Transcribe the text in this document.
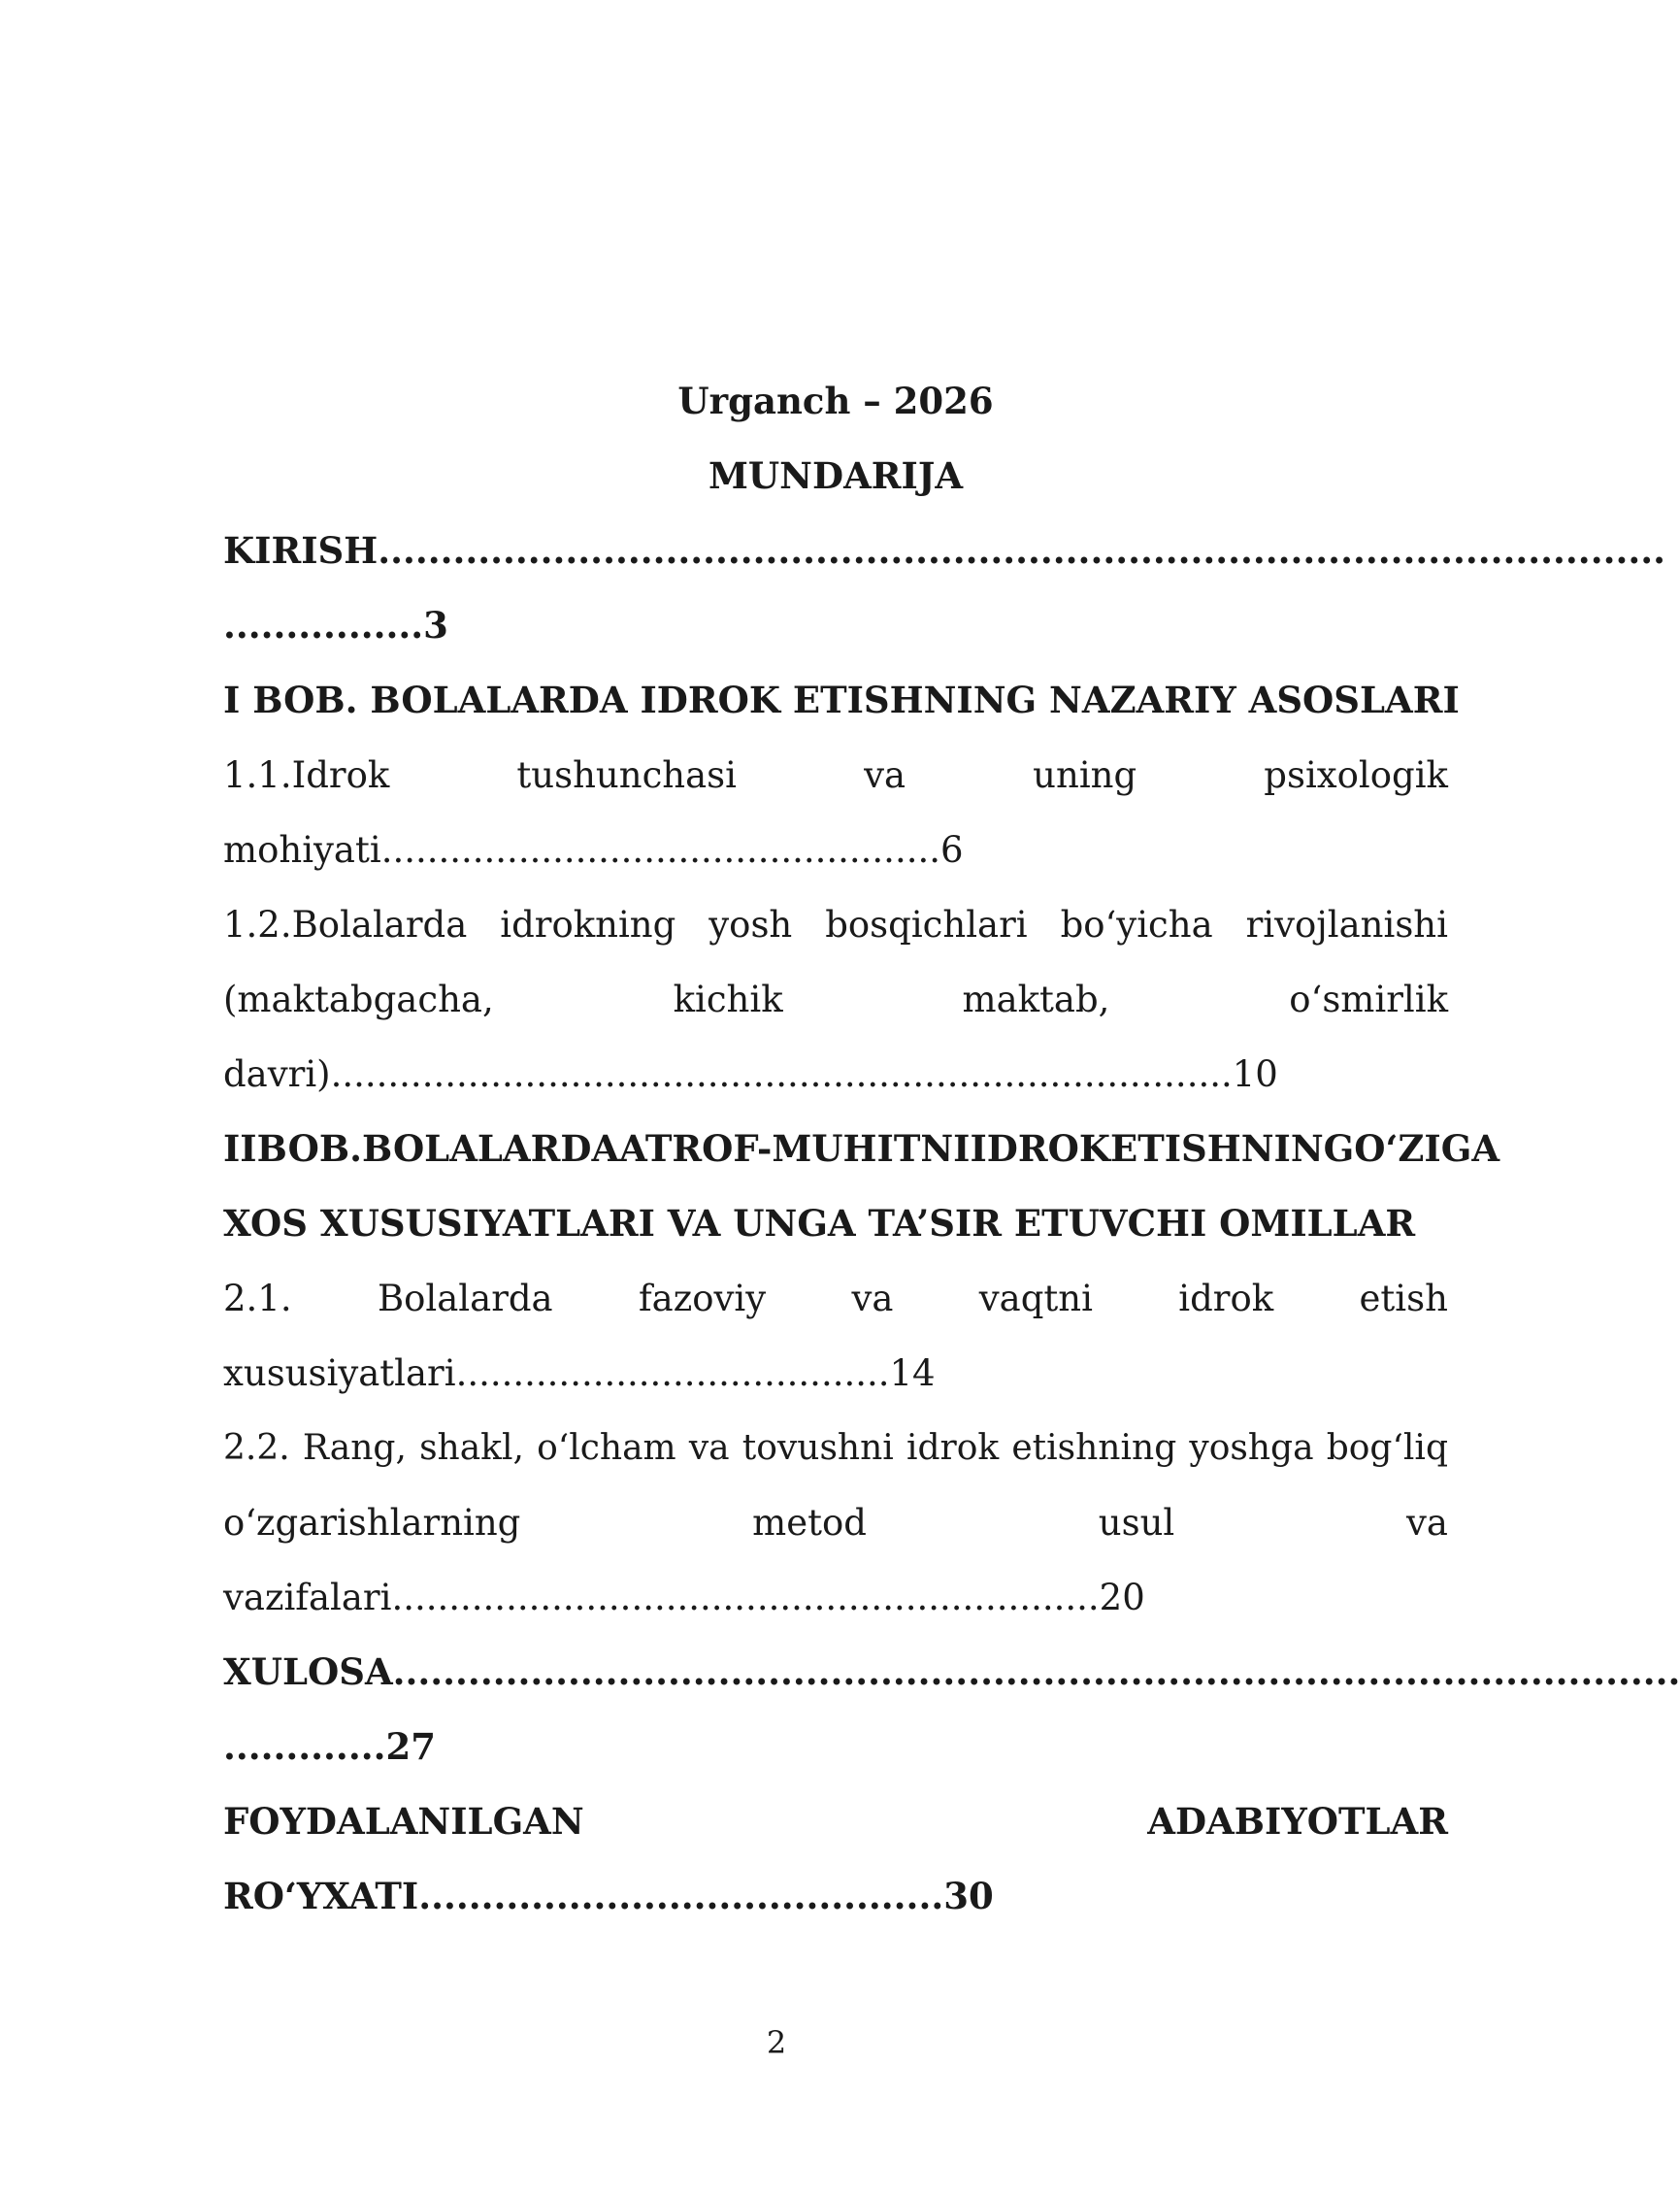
Urganch – 2026
MUNDARIJA
KIRISH.......................................................................................................
................3
I BOB. BOLALARDA IDROK ETISHNING NAZARIY ASOSLARI
1.1.Idrok	tushunchasi	va	uning	psixologik
mohiyati.................................................6
1.2.Bolalarda idrokning yosh bosqichlari bo‘yicha rivojlanishi
(maktabgacha,	kichik	maktab,	o‘smirlik
davri)...............................................................................10
II BOB. BOLALARDA ATROF-MUHITNI IDROK ETISHNING O‘ZIGA
XOS XUSUSIYATLARI VA UNGA TA’SIR ETUVCHI OMILLAR
2.1. Bolalarda fazoviy va vaqtni idrok etish
xususiyatlari......................................14
2.2. Rang, shakl, o‘lcham va tovushni idrok etishning yoshga bog‘liq
o‘zgarishlarning	metod	usul	va
vazifalari..............................................................20
XULOSA.......................................................................................................
.............27
FOYDALANILGAN	ADABIYOTLAR
RO‘YXATI..........................................30
2
